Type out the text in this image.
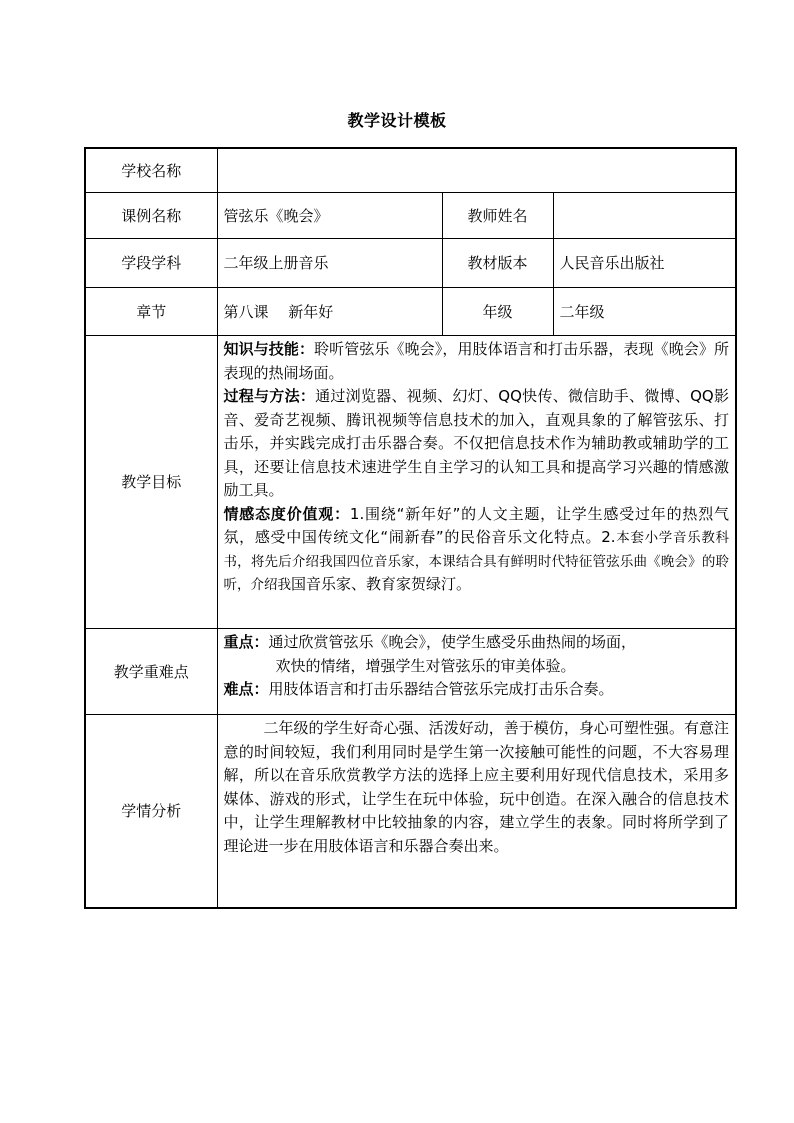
教学设计模板
学校名称			
课例名称	管弦乐《晚会》	教师姓名	
学段学科	二年级上册音乐	教材版本	人民音乐出版社
章节	第八课　 新年好	年级	二年级
教学目标	知识与技能：聆听管弦乐《晚会》，用肢体语言和打击乐器，表现《晚会》所表现的热闹场面。
过程与方法：通过浏览器、视频、幻灯、QQ快传、微信助手、微博、QQ影音、爱奇艺视频、腾讯视频等信息技术的加入，直观具象的了解管弦乐、打击乐，并实践完成打击乐器合奏。不仅把信息技术作为辅助教或辅助学的工具，还要让信息技术速进学生自主学习的认知工具和提高学习兴趣的情感激励工具。
情感态度价值观：1.围绕“新年好”的人文主题，让学生感受过年的热烈气氛，感受中国传统文化“闹新春”的民俗音乐文化特点。2.本套小学音乐教科书，将先后介绍我国四位音乐家，本课结合具有鲜明时代特征管弦乐曲《晚会》的聆听，介绍我国音乐家、教育家贺绿汀。		

教学重难点	重点：通过欣赏管弦乐《晚会》，使学生感受乐曲热闹的场面，
欢快的情绪，增强学生对管弦乐的审美体验。
难点：用肢体语言和打击乐器结合管弦乐完成打击乐合奏。		

学情分析	二年级的学生好奇心强、活泼好动，善于模仿，身心可塑性强。有意注意的时间较短，我们利用同时是学生第一次接触可能性的问题，不大容易理解，所以在音乐欣赏教学方法的选择上应主要利用好现代信息技术，采用多媒体、游戏的形式，让学生在玩中体验，玩中创造。在深入融合的信息技术中，让学生理解教材中比较抽象的内容，建立学生的表象。同时将所学到了理论进一步在用肢体语言和乐器合奏出来。		
